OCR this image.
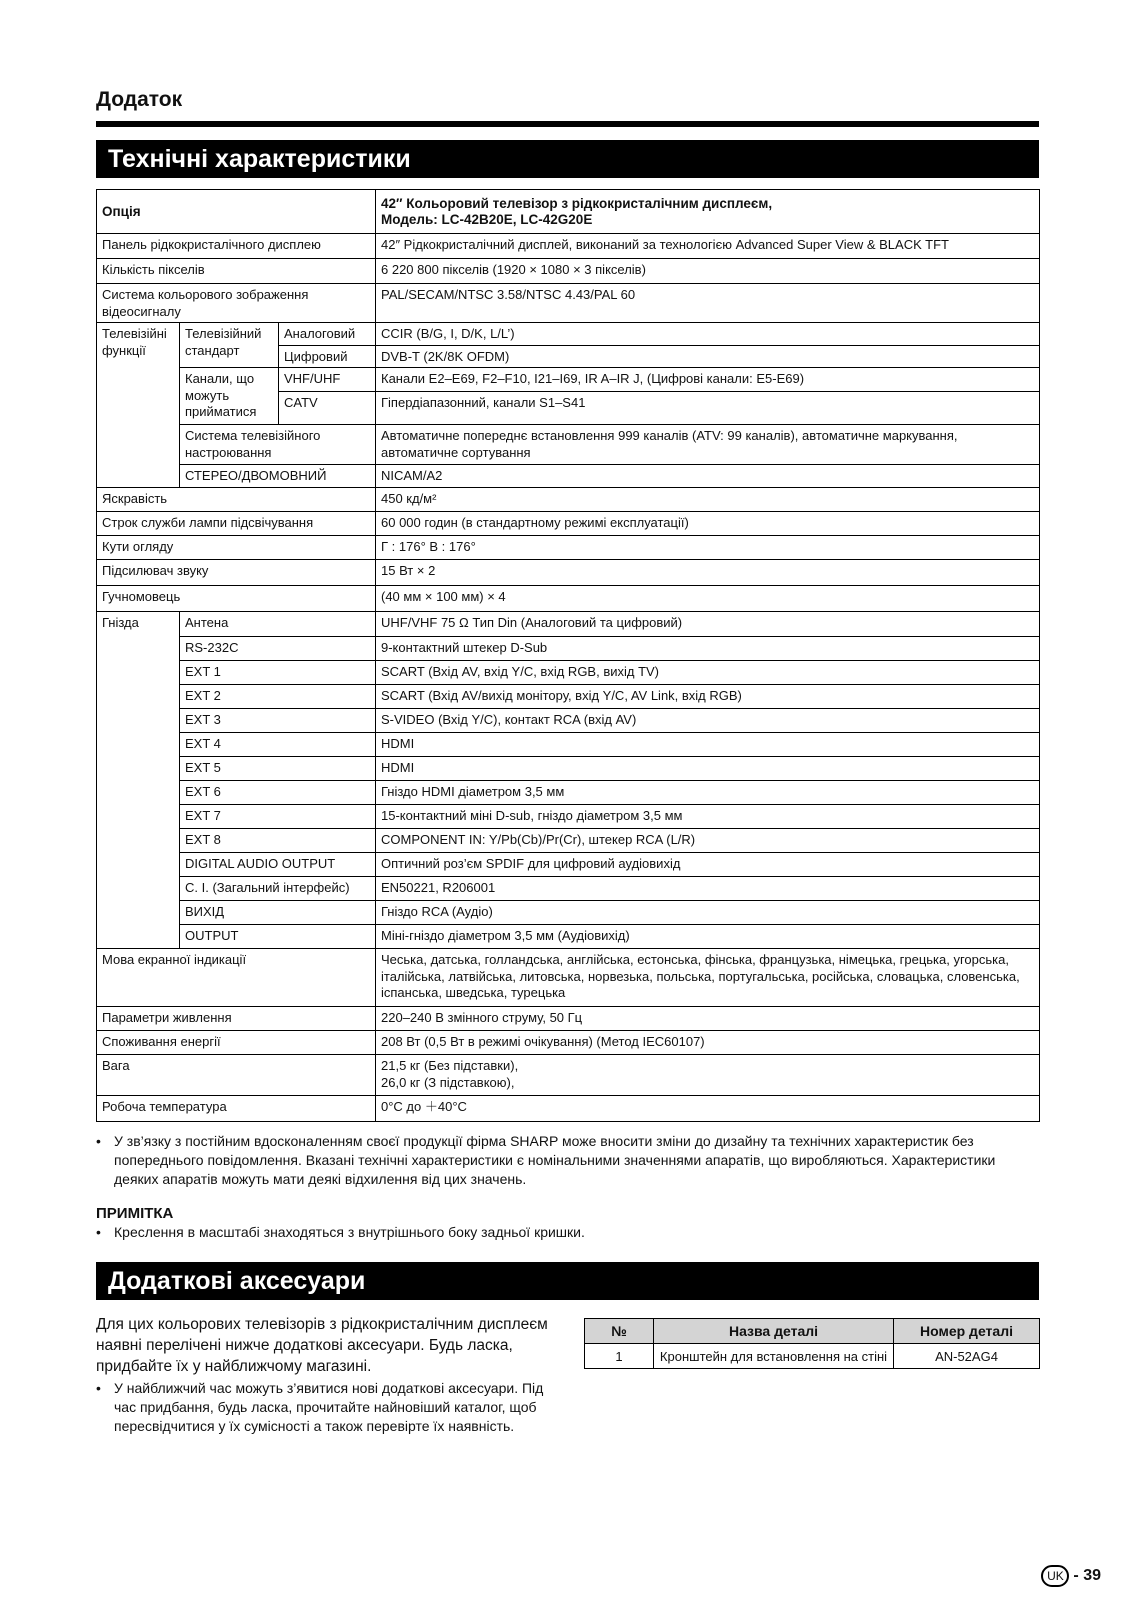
Додаток
Технічні характеристики
Опція			42″ Кольоровий телевізор з рідкокристалічним дисплеєм,
Модель: LC-42B20E, LC-42G20E

Панель рідкокристалічного дисплею			42″ Рідкокристалічний дисплей, виконаний за технологією Advanced Super View & BLACK TFT
Кількість пікселів			6 220 800 пікселів (1920 × 1080 × 3 пікселів)
Система кольорового зображення відеосигналу			PAL/SECAM/NTSC 3.58/NTSC 4.43/PAL 60
Телевізійні функції	Телевізійний стандарт	Аналоговий	CCIR (B/G, I, D/K, L/L’)
		Цифровий	DVB-T (2K/8K OFDM)
	Канали, що можуть прийматися	VHF/UHF	Канали E2–E69, F2–F10, I21–I69, IR A–IR J, (Цифрові канали: E5-E69)
		CATV	Гіпердіапазонний, канали S1–S41
	Система телевізійного настроювання		Автоматичне попереднє встановлення 999 каналів (ATV: 99 каналів), автоматичне маркування, автоматичне сортування
	СТЕРЕО/ДВОМОВНИЙ		NICAM/A2
Яскравість			450 кд/м²
Строк служби лампи підсвічування			60 000 годин (в стандартному режимі експлуатації)
Кути огляду			Г : 176° В : 176°
Підсилювач звуку			15 Вт × 2
Гучномовець			(40 мм × 100 мм) × 4
Гнізда	Антена		UHF/VHF 75 Ω Тип Din (Аналоговий та цифровий)
	RS-232C		9-контактний штекер D-Sub
	EXT 1		SCART (Вхід AV, вхід Y/C, вхід RGB, вихід TV)
	EXT 2		SCART (Вхід AV/вихід монітору, вхід Y/C, AV Link, вхід RGB)
	EXT 3		S-VIDEO (Вхід Y/C), контакт RCA (вхід AV)
	EXT 4		HDMI
	EXT 5		HDMI
	EXT 6		Гніздо HDMI діаметром 3,5 мм
	EXT 7		15-контактний міні D-sub, гніздо діаметром 3,5 мм
	EXT 8		COMPONENT IN: Y/Pb(Cb)/Pr(Cr), штекер RCA (L/R)
	DIGITAL AUDIO OUTPUT		Оптичний роз’єм SPDIF для цифровий аудіовихід
	C. I. (Загальний інтерфейс)		EN50221, R206001
	ВИХІД		Гніздо RCA (Аудіо)
	OUTPUT		Міні-гніздо діаметром 3,5 мм (Аудіовихід)
Мова екранної індикації			Чеська, датська, голландська, англійська, естонська, фінська, французька, німецька, грецька, угорська, італійська, латвійська, литовська, норвезька, польська, португальська, російська, словацька, словенська, іспанська, шведська, турецька
Параметри живлення			220–240 В змінного струму, 50 Гц
Споживання енергії			208 Вт (0,5 Вт в режимі очікування) (Метод IEC60107)
Вага			21,5 кг (Без підставки),
26,0 кг (З підставкою),

Робоча температура			0°C до ＋40°C
• У зв’язку з постійним вдосконаленням своєї продукції фірма SHARP може вносити зміни до дизайну та технічних характеристик без попереднього повідомлення. Вказані технічні характеристики є номінальними значеннями апаратів, що виробляються. Характеристики деяких апаратів можуть мати деякі відхилення від цих значень.
ПРИМІТКА
• Креслення в масштабі знаходяться з внутрішнього боку задньої кришки.
Додаткові аксесуари
Для цих кольорових телевізорів з рідкокристалічним дисплеєм наявні перелічені нижче додаткові аксесуари. Будь ласка, придбайте їх у найближчому магазині.
• У найближчий час можуть з’явитися нові додаткові аксесуари. Під час придбання, будь ласка, прочитайте найновіший каталог, щоб пересвідчитися у їх сумісності а також перевірте їх наявність.
№	Назва деталі	Номер деталі
1	Кронштейн для встановлення на стіні	AN-52AG4
UK - 39
